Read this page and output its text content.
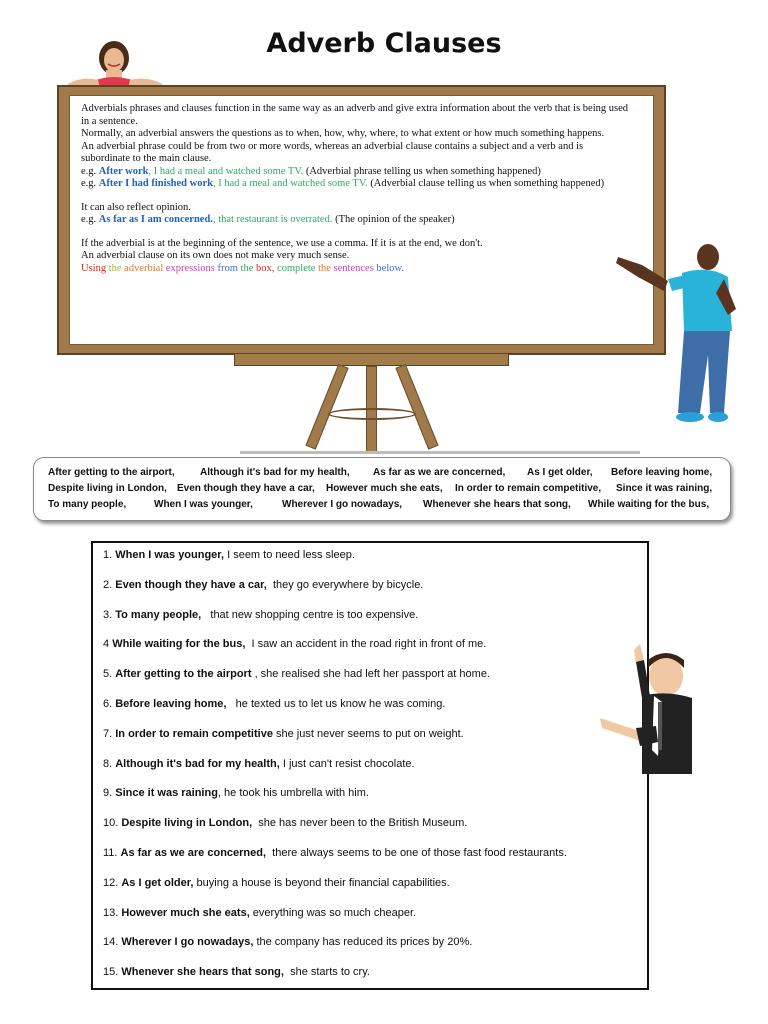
Adverb Clauses

Adverbials phrases and clauses function in the same way as an adverb and give extra information about the verb that is being used in a sentence.

Normally, an adverbial answers the questions as to when, how, why, where, to what extent or how much something happens.

An adverbial phrase could be from two or more words, whereas an adverbial clause contains a subject and a verb and is subordinate to the main clause.

e.g. After work, I had a meal and watched some TV. (Adverbial phrase telling us when something happened)

e.g. After I had finished work, I had a meal and watched some TV. (Adverbial clause telling us when something happened)

It can also reflect opinion.

e.g. As far as I am concerned., that restaurant is overrated. (The opinion of the speaker)

If the adverbial is at the beginning of the sentence, we use a comma. If it is at the end, we don't.

An adverbial clause on its own does not make very much sense.

Using the adverbial expressions from the box, complete the sentences below.

After getting to the airport,	Although it's bad for my health, As far as we are concerned, As I get older, Before leaving home,
Despite living in London, Even though they have a car, However much she eats, In order to remain competitive, Since it was raining,
To many people,	When I was younger,	Wherever I go nowadays, Whenever she hears that song, While waiting for the bus,
1. When I was younger, I seem to need less sleep.
2. Even though they have a car,  they go everywhere by bicycle.
3. To many people,   that new shopping centre is too expensive.
4 While waiting for the bus,  I saw an accident in the road right in front of me.
5. After getting to the airport , she realised she had left her passport at home.
6. Before leaving home,   he texted us to let us know he was coming.
7. In order to remain competitive she just never seems to put on weight.
8. Although it's bad for my health, I just can't resist chocolate.
9. Since it was raining, he took his umbrella with him.
10. Despite living in London,  she has never been to the British Museum.
11. As far as we are concerned,  there always seems to be one of those fast food restaurants.
12. As I get older, buying a house is beyond their financial capabilities.
13. However much she eats, everything was so much cheaper.
14. Wherever I go nowadays, the company has reduced its prices by 20%.
15. Whenever she hears that song,  she starts to cry.
